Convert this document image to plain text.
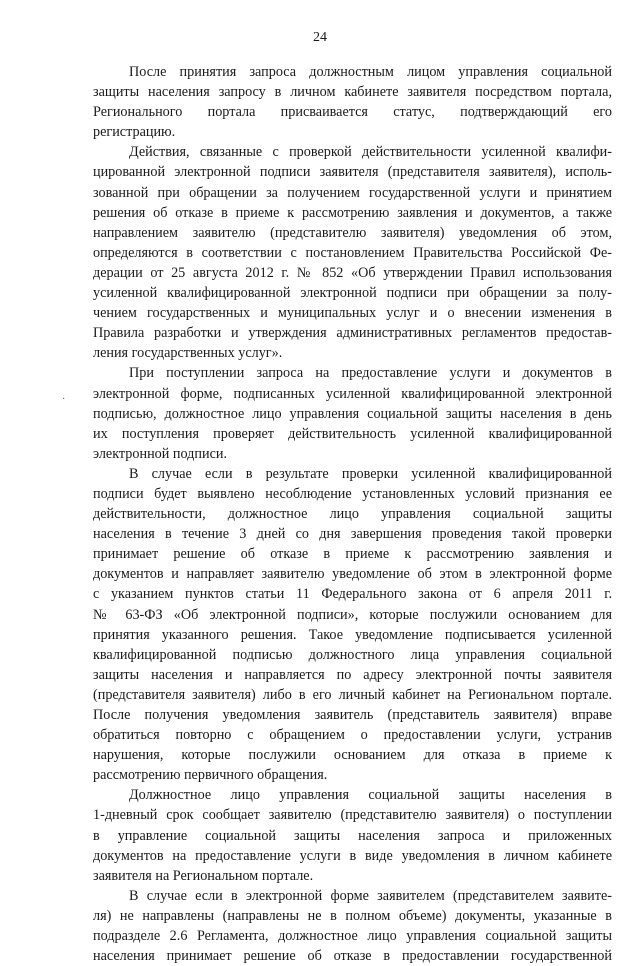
24

После принятия запроса должностным лицом управления социальной
защиты населения запросу в личном кабинете заявителя посредством портала,
Регионального портала присваивается статус, подтверждающий его
регистрацию.

Действия, связанные с проверкой действительности усиленной квалифи-
цированной электронной подписи заявителя (представителя заявителя), исполь-
зованной при обращении за получением государственной услуги и принятием
решения об отказе в приеме к рассмотрению заявления и документов, а также
направлением заявителю (представителю заявителя) уведомления об этом,
определяются в соответствии с постановлением Правительства Российской Фе-
дерации от 25 августа 2012 г. № 852 «Об утверждении Правил использования
усиленной квалифицированной электронной подписи при обращении за полу-
чением государственных и муниципальных услуг и о внесении изменения в
Правила разработки и утверждения административных регламентов предостав-
ления государственных услуг».

При поступлении запроса на предоставление услуги и документов в
электронной форме, подписанных усиленной квалифицированной электронной
подписью, должностное лицо управления социальной защиты населения в день
их поступления проверяет действительность усиленной квалифицированной
электронной подписи.

В случае если в результате проверки усиленной квалифицированной
подписи будет выявлено несоблюдение установленных условий признания ее
действительности, должностное лицо управления социальной защиты
населения в течение 3 дней со дня завершения проведения такой проверки
принимает решение об отказе в приеме к рассмотрению заявления и
документов и направляет заявителю уведомление об этом в электронной форме
с указанием пунктов статьи 11 Федерального закона от 6 апреля 2011 г.
№ 63-ФЗ «Об электронной подписи», которые послужили основанием для
принятия указанного решения. Такое уведомление подписывается усиленной
квалифицированной подписью должностного лица управления социальной
защиты населения и направляется по адресу электронной почты заявителя
(представителя заявителя) либо в его личный кабинет на Региональном портале.
После получения уведомления заявитель (представитель заявителя) вправе
обратиться повторно с обращением о предоставлении услуги, устранив
нарушения, которые послужили основанием для отказа в приеме к
рассмотрению первичного обращения.

Должностное лицо управления социальной защиты населения в
1-дневный срок сообщает заявителю (представителю заявителя) о поступлении
в управление социальной защиты населения запроса и приложенных
документов на предоставление услуги в виде уведомления в личном кабинете
заявителя на Региональном портале.

В случае если в электронной форме заявителем (представителем заявите-
ля) не направлены (направлены не в полном объеме) документы, указанные в
подразделе 2.6 Регламента, должностное лицо управления социальной защиты
населения принимает решение об отказе в предоставлении государственной

·
